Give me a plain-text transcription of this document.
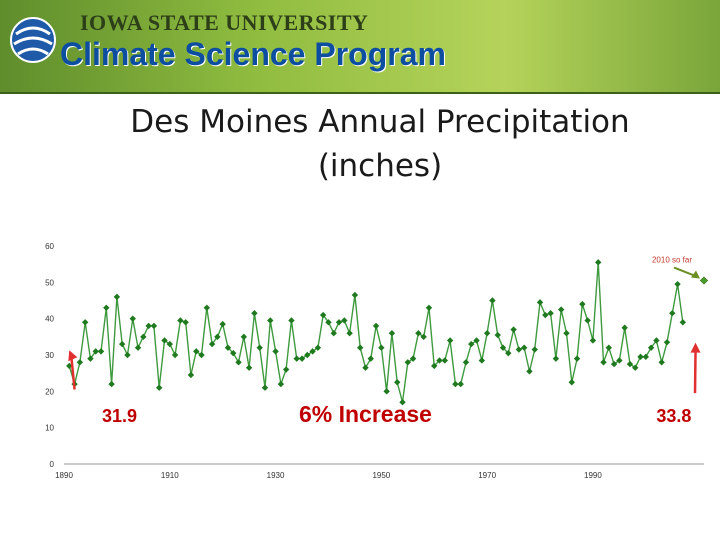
IOWA STATE UNIVERSITY
Climate Science Program
Des Moines Annual Precipitation
(inches)
0
10
20
30
40
50
60
1890	1910	1930	1950	1970	1990
2010 so far
31.9	6% Increase	33.8
